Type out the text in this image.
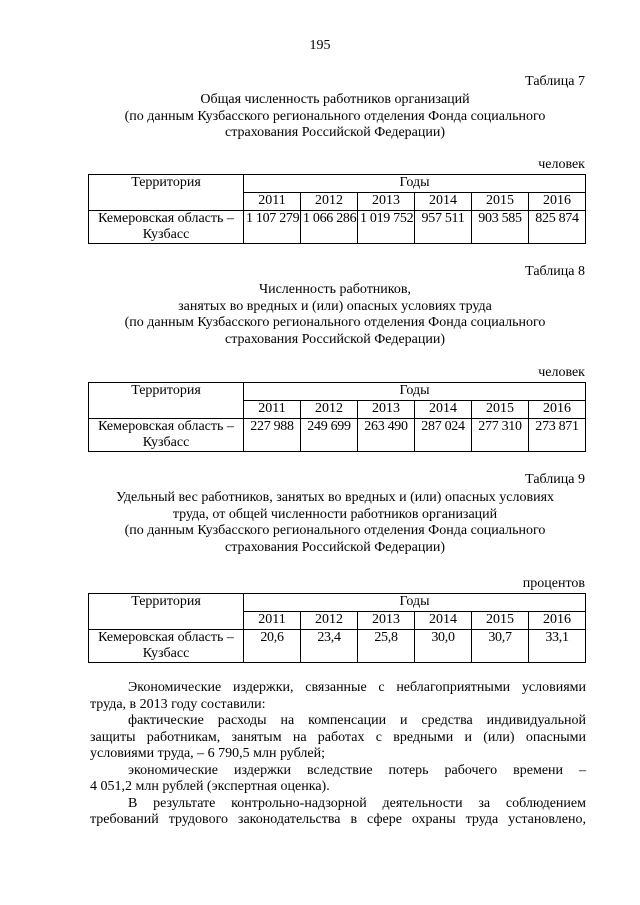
195
Таблица 7
Общая численность работников организаций
(по данным Кузбасского регионального отделения Фонда социального
страхования Российской Федерации)
человек
Территория	Годы					
	2011	2012	2013	2014	2015	2016

Кемеровская область –
Кузбасс	1 107 279	1 066 286	1 019 752	957 511	903 585	825 874
Таблица 8
Численность работников,
занятых во вредных и (или) опасных условиях труда
(по данным Кузбасского регионального отделения Фонда социального
страхования Российской Федерации)
человек
Территория	Годы					
	2011	2012	2013	2014	2015	2016

Кемеровская область –
Кузбасс	227 988	249 699	263 490	287 024	277 310	273 871
Таблица 9
Удельный вес работников, занятых во вредных и (или) опасных условиях
труда, от общей численности работников организаций
(по данным Кузбасского регионального отделения Фонда социального
страхования Российской Федерации)
процентов
Территория	Годы					
	2011	2012	2013	2014	2015	2016

Кемеровская область –
Кузбасс	20,6	23,4	25,8	30,0	30,7	33,1

Экономические издержки, связанные с неблагоприятными условиями

труда, в 2013 году составили:

фактические расходы на компенсации и средства индивидуальной

защиты работникам, занятым на работах с вредными и (или) опасными
условиями труда, – 6 790,5 млн рублей;

экономические издержки вследствие потерь рабочего времени –

4 051,2 млн рублей (экспертная оценка).

В результате контрольно-надзорной деятельности за соблюдением

требований трудового законодательства в сфере охраны труда установлено,
